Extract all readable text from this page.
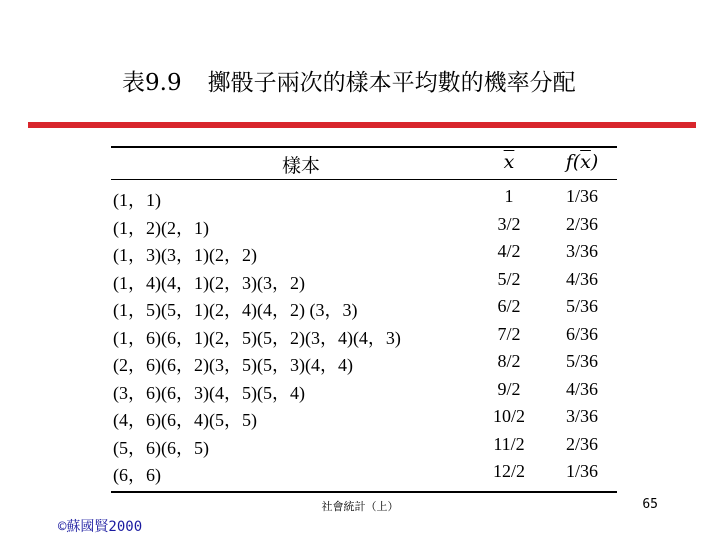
表9.9 擲骰子兩次的樣本平均數的機率分配
樣本	$\overline{x}$	$f(\overline{x})$
(1，1)	1	1/36
(1，2)(2，1)	3/2	2/36
(1，3)(3，1)(2，2)	4/2	3/36
(1，4)(4，1)(2，3)(3，2)	5/2	4/36
(1，5)(5，1)(2，4)(4，2) (3，3)	6/2	5/36
(1，6)(6，1)(2，5)(5，2)(3，4)(4，3)	7/2	6/36
(2，6)(6，2)(3，5)(5，3)(4，4)	8/2	5/36
(3，6)(6，3)(4，5)(5，4)	9/2	4/36
(4，6)(6，4)(5，5)	10/2	3/36
(5，6)(6，5)	11/2	2/36
(6，6)	12/2	1/36
社會統計（上）	65
©蘇國賢2000
